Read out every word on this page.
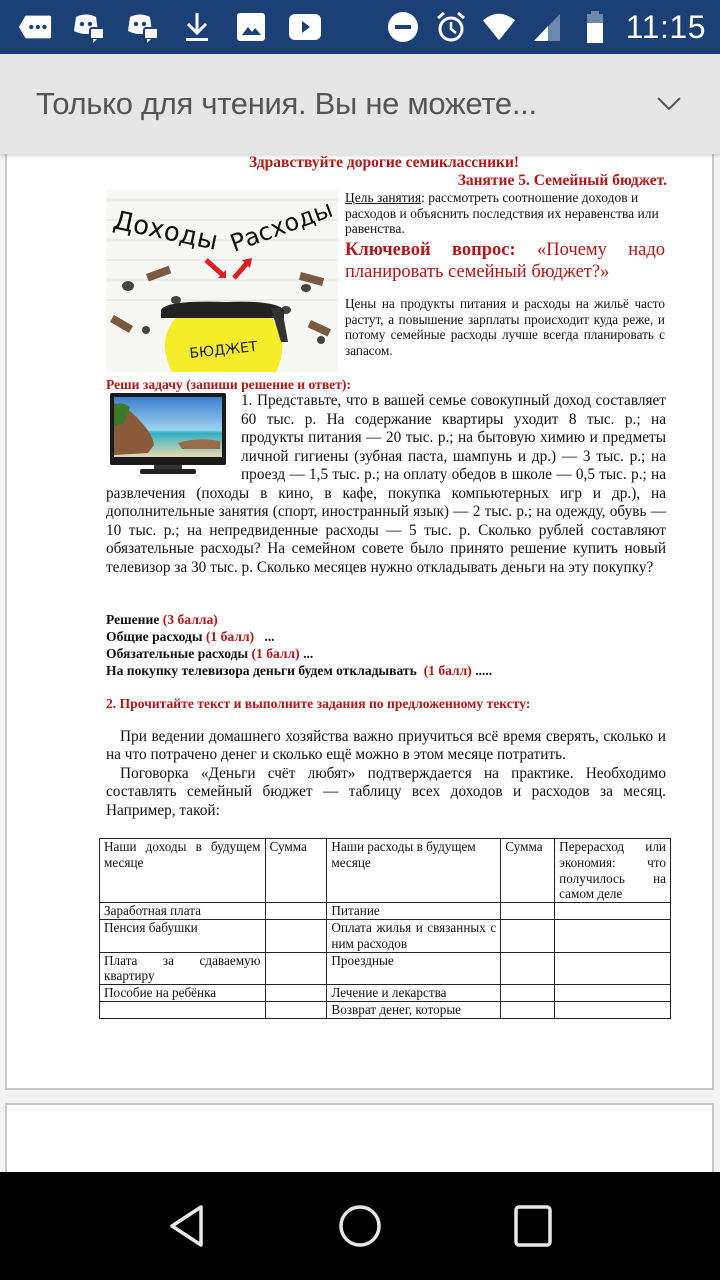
11:15
Только для чтения. Вы не можете...
Здравствуйте дорогие семиклассники!
Занятие 5. Семейный бюджет.
Доходы Расходы
БЮДЖЕТ
Цель занятия: рассмотреть соотношение доходов и расходов и объяснить последствия их неравенства или равенства.
Ключевой вопрос: «Почему надо планировать семейный бюджет?»
Цены на продукты питания и расходы на жильё часто растут, а повышение зарплаты происходит куда реже, и потому семейные расходы лучше всегда планировать с запасом.
Реши задачу (запиши решение и ответ):
1. Представьте, что в вашей семье совокупный доход составляет 60 тыс. р. На содержание квартиры уходит 8 тыс. р.; на продукты питания — 20 тыс. р.; на бытовую химию и предметы личной гигиены (зубная паста, шампунь и др.) — 3 тыс. р.; на проезд — 1,5 тыс. р.; на оплату обедов в школе — 0,5 тыс. р.; на развлечения (походы в кино, в кафе, покупка компьютерных игр и др.), на дополнительные занятия (спорт, иностранный язык) — 2 тыс. р.; на одежду, обувь — 10 тыс. р.; на непредвиденные расходы — 5 тыс. р. Сколько рублей составляют обязательные расходы? На семейном совете было принято решение купить новый телевизор за 30 тыс. р. Сколько месяцев нужно откладывать деньги на эту покупку?
Решение (3 балла)
Общие расходы (1 балл)   ...
Обязательные расходы (1 балл) ...
На покупку телевизора деньги будем откладывать  (1 балл) .....
2. Прочитайте текст и выполните задания по предложенному тексту:

При ведении домашнего хозяйства важно приучиться всё время сверять, сколько и на что потрачено денег и сколько ещё можно в этом месяце потратить.

Поговорка «Деньги счёт любят» подтверждается на практике. Необходимо составлять семейный бюджет — таблицу всех доходов и расходов за месяц. Например, такой:

Наши доходы в будущем месяце	Сумма	Наши расходы в будущем месяце	Сумма	Перерасход или экономия: что получилось на самом деле
Заработная плата		Питание		
Пенсия бабушки		Оплата жилья и связанных с ним расходов		
Плата за сдаваемую квартиру		Проездные		
Пособие на ребёнка		Лечение и лекарства		
		Возврат денег, которые		
